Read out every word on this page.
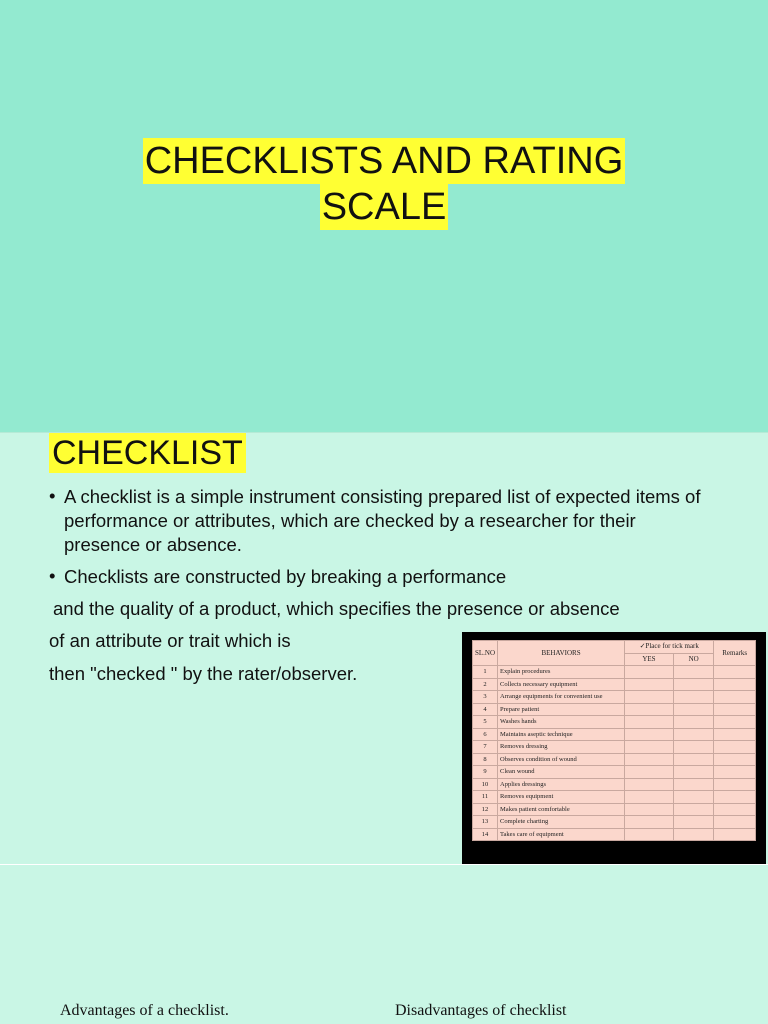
CHECKLISTS AND RATING
SCALE
CHECKLIST
• A checklist is a simple instrument consisting prepared list of expected items of performance or attributes, which are checked by a researcher for their presence or absence.

• Checklists are constructed by breaking a performance

and the quality of a product, which specifies the presence or absence

of an attribute or trait which is

then "checked " by the rater/observer.

SL.NO	BEHAVIORS	✓Place for tick mark		Remarks
		YES	NO	
1	Explain procedures			
2	Collects necessary equipment			
3	Arrange equipments for convenient use			
4	Prepare patient			
5	Washes hands			
6	Maintains aseptic technique			
7	Removes dressing			
8	Observes condition of wound			
9	Clean wound			
10	Applies dressings			
11	Removes equipment			
12	Makes patient comfortable			
13	Complete charting			
14	Takes care of equipment			
Advantages of a checklist.	Disadvantages of checklist
